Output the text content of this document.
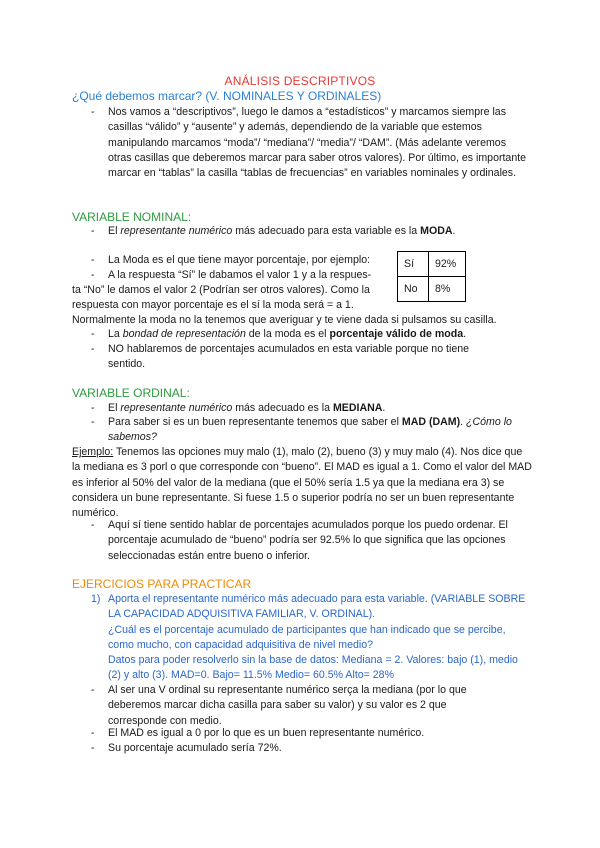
ANÁLISIS DESCRIPTIVOS
¿Qué debemos marcar? (V. NOMINALES Y ORDINALES)
-	Nos vamos a “descriptivos”, luego le damos a “estadísticos” y marcamos siempre las casillas “válido” y “ausente” y además, dependiendo de la variable que estemos manipulando marcamos “moda”/ “mediana”/ “media”/ “DAM”. (Más adelante veremos otras casillas que deberemos marcar para saber otros valores). Por último, es importante marcar en “tablas” la casilla “tablas de frecuencias” en variables nominales y ordinales.
VARIABLE NOMINAL:
-	El representante numérico más adecuado para esta variable es la MODA.
-	La Moda es el que tiene mayor porcentaje, por ejemplo:
-	A la respuesta “Sí” le dabamos el valor 1 y a la respues-
ta “No” le damos el valor 2 (Podrían ser otros valores). Como la
respuesta con mayor porcentaje es el sí la moda será = a 1.
Normalmente la moda no la tenemos que averiguar y te viene dada si pulsamos su casilla.
Sí	92%
No	8%
-	La bondad de representación de la moda es el porcentaje válido de moda.
-	NO hablaremos de porcentajes acumulados en esta variable porque no tiene sentido.
VARIABLE ORDINAL:
-	El representante numérico más adecuado es la MEDIANA.
-	Para saber si es un buen representante tenemos que saber el MAD (DAM). ¿Cómo lo sabemos?
Ejemplo: Tenemos las opciones muy malo (1), malo (2), bueno (3) y muy malo (4). Nos dice que la mediana es 3 porl o que corresponde con “bueno”. El MAD es igual a 1. Como el valor del MAD es inferior al 50% del valor de la mediana (que el 50% sería 1.5 ya que la mediana era 3) se considera un bune representante. Si fuese 1.5 o superior podría no ser un buen representante numérico.
-	Aquí sí tiene sentido hablar de porcentajes acumulados porque los puedo ordenar. El porcentaje acumulado de “bueno” podría ser 92.5% lo que significa que las opciones seleccionadas están entre bueno o inferior.
EJERCICIOS PARA PRACTICAR
1) Aporta el representante numérico más adecuado para esta variable. (VARIABLE SOBRE LA CAPACIDAD ADQUISITIVA FAMILIAR, V. ORDINAL).
¿Cuál es el porcentaje acumulado de participantes que han indicado que se percibe, como mucho, con capacidad adquisitiva de nivel medio?
Datos para poder resolverlo sin la base de datos: Mediana = 2. Valores: bajo (1), medio (2) y alto (3). MAD=0. Bajo= 11.5% Medio= 60.5% Alto= 28%
-	Al ser una V ordinal su representante numérico serça la mediana (por lo que deberemos marcar dicha casilla para saber su valor) y su valor es 2 que corresponde con medio.
-	El MAD es igual a 0 por lo que es un buen representante numérico.
-	Su porcentaje acumulado sería 72%.
